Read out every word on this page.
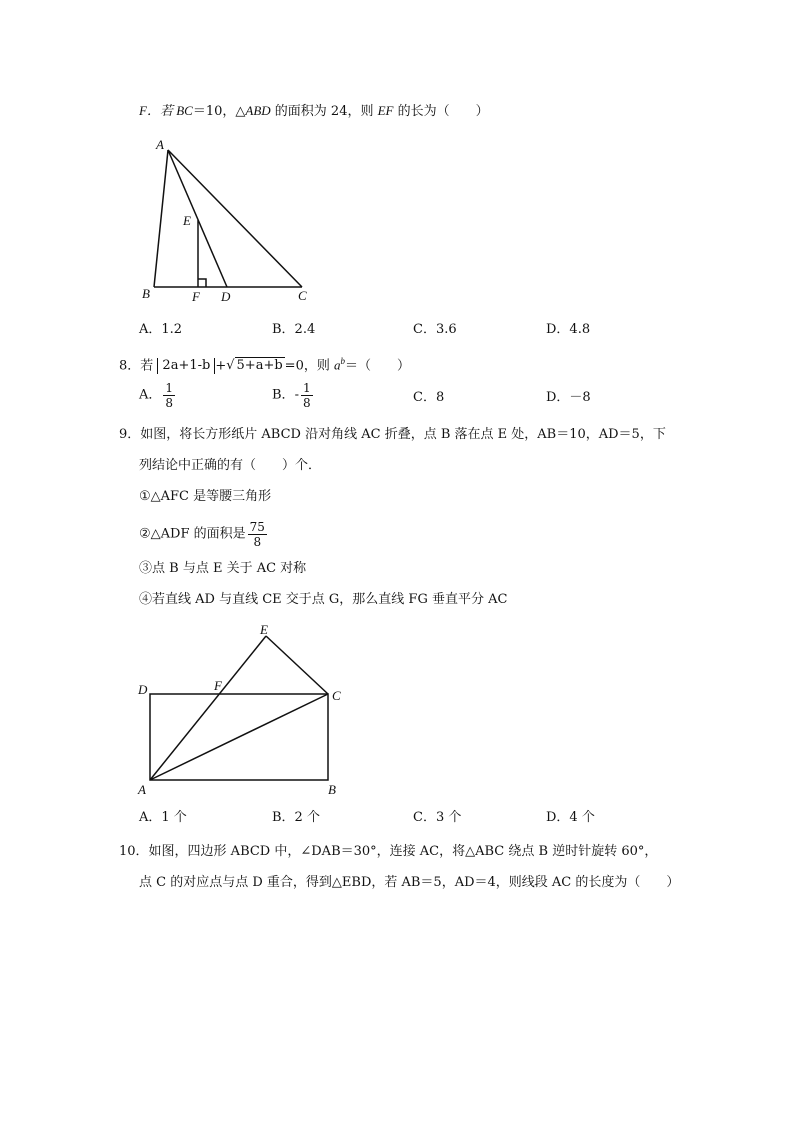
F．若 BC＝10，△ABD 的面积为 24，则 EF 的长为（　　）
A
B	C
D
E
F
A．1.2	B．2.4	C．3.6	D．4.8
8．若 2a+1-b +√ 5+a+b =0，则 $a^b=$（　　）
A． $\frac{1}{8}$	B．- $\frac{1}{8}$	C．8	D．－8
9．如图，将长方形纸片 ABCD 沿对角线 AC 折叠，点 B 落在点 E 处，AB＝10，AD＝5，下
列结论中正确的有（　　）个．
①△AFC 是等腰三角形
②△ADF 的面积是 $\frac{75}{8}$
③点 B 与点 E 关于 AC 对称
④若直线 AD 与直线 CE 交于点 G，那么直线 FG 垂直平分 AC
A	B
C
D
E
F
A．1 个	B．2 个	C．3 个	D．4 个
10．如图，四边形 ABCD 中，∠DAB＝30°，连接 AC，将△ABC 绕点 B 逆时针旋转 60°，
点 C 的对应点与点 D 重合，得到△EBD，若 AB＝5，AD＝4，则线段 AC 的长度为（　　）
